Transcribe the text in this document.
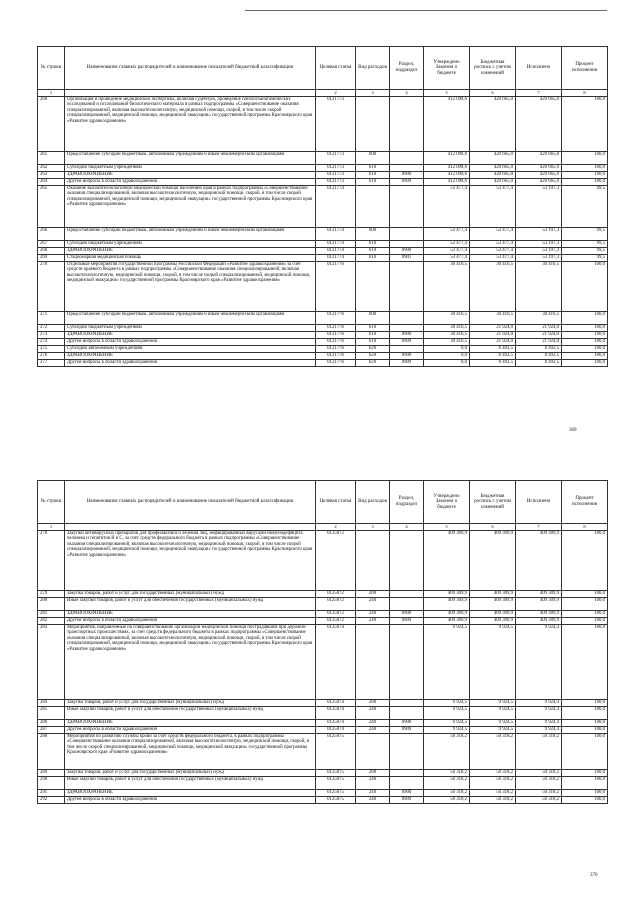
№ строки	Наименование главных распорядителей и наименование показателей бюджетной классификации	Целевая статья	Вид расходов	Раздел, подраздел	Утверждено Законом о бюджете	Бюджетная роспись с учетом изменений	Исполнено	Процент исполнения
1		2	3	4	5	6	7	8
260	Организация и проведение медицинской экспертизы, включая судебную, проведение патологоанатомических исследований и исследований биологического материала в рамках подпрограммы «Совершенствование оказания специализированной, включая высокотехнологичную, медицинской помощи, скорой, в том числе скорой специализированной, медицинской помощи, медицинской эвакуации» государственной программы Красноярского края «Развитие здравоохранения»	0121773			412 098,6	420 665,0	420 665,0	100,0
261	Предоставление субсидий бюджетным, автономным учреждениям и иным некоммерческим организациям	0121773	600		412 098,6	420 665,0	420 665,0	100,0
262	Субсидии бюджетным учреждениям	0121773	610		412 098,6	420 665,0	420 665,0	100,0
263	ЗДРАВООХРАНЕНИЕ	0121773	610	0900	412 098,6	420 665,0	420 665,0	100,0
264	Другие вопросы в области здравоохранения	0121773	610	0909	412 098,6	420 665,0	420 665,0	100,0
265	Оказание высокотехнологичной медицинской помощи населению края в рамках подпрограммы «Совершенствование оказания специализированной, включая высокотехнологичную, медицинской помощи, скорой, в том числе скорой специализированной, медицинской помощи, медицинской эвакуации» государственной программы Красноярского края «Развитие здравоохранения»	0121774			53 477,4	53 477,4	53 197,3	99,5
266	Предоставление субсидий бюджетным, автономным учреждениям и иным некоммерческим организациям	0121774	600		53 477,4	53 477,4	53 197,3	99,5
267	Субсидии бюджетным учреждениям	0121774	610		53 477,4	53 477,4	53 197,3	99,5
268	ЗДРАВООХРАНЕНИЕ	0121774	610	0900	53 477,4	53 477,4	53 197,3	99,5
269	Стационарная медицинская помощь	0121774	610	0901	53 477,4	53 477,4	53 197,3	99,5
270	Отдельные мероприятия государственной программы Российской Федерации «Развитие здравоохранения» за счет средств краевого бюджета в рамках подпрограммы «Совершенствование оказания специализированной, включая высокотехнологичную, медицинской помощи, скорой, в том числе скорой специализированной, медицинской помощи, медицинской эвакуации» государственной программы Красноярского края «Развитие здравоохранения»	0121776			30 416,5	30 416,5	30 416,5	100,0
271	Предоставление субсидий бюджетным, автономным учреждениям и иным некоммерческим организациям	0121776	600		30 416,5	30 416,5	30 416,5	100,0
272	Субсидии бюджетным учреждениям	0121776	610		30 416,5	21 924,0	21 924,0	100,0
273	ЗДРАВООХРАНЕНИЕ	0121776	610	0900	30 416,5	21 924,0	21 924,0	100,0
274	Другие вопросы в области здравоохранения	0121776	610	0909	30 416,5	21 924,0	21 924,0	100,0
275	Субсидии автономным учреждениям	0121776	620		0,0	8 492,5	8 492,5	100,0
276	ЗДРАВООХРАНЕНИЕ	0121776	620	0900	0,0	8 492,5	8 492,5	100,0
277	Другие вопросы в области здравоохранения	0121776	620	0909	0,0	8 492,5	8 492,5	100,0
369
№ строки	Наименование главных распорядителей и наименование показателей бюджетной классификации	Целевая статья	Вид расходов	Раздел, подраздел	Утверждено Законом о бюджете	Бюджетная роспись с учетом изменений	Исполнено	Процент исполнения
1		2	3	4	5	6	7	8
278	Закупки антивирусных препаратов для профилактики и лечения лиц, инфицированных вирусами иммунодефицита человека и гепатитов В и С, за счет средств федерального бюджета в рамках подпрограммы «Совершенствование оказания специализированной, включая высокотехнологичную, медицинской помощи, скорой, в том числе скорой специализированной, медицинской помощи, медицинской эвакуации» государственной программы Красноярского края «Развитие здравоохранения»	0125072			409 309,9	409 309,9	409 309,9	100,0
279	Закупка товаров, работ и услуг для государственных (муниципальных) нужд	0125072	200		409 309,9	409 309,9	409 309,9	100,0
280	Иные закупки товаров, работ и услуг для обеспечения государственных (муниципальных) нужд	0125072	240		409 309,9	409 309,9	409 309,9	100,0
281	ЗДРАВООХРАНЕНИЕ	0125072	240	0900	409 309,9	409 309,9	409 309,9	100,0
282	Другие вопросы в области здравоохранения	0125072	240	0909	409 309,9	409 309,9	409 309,9	100,0
283	Мероприятия, направленные на совершенствование организации медицинской помощи пострадавшим при дорожно-транспортных происшествиях, за счет средств федерального бюджета в рамках подпрограммы «Совершенствование оказания специализированной, включая высокотехнологичную, медицинской помощи, скорой, в том числе скорой специализированной, медицинской помощи, медицинской эвакуации» государственной программы Красноярского края «Развитие здравоохранения»	0125074			9 924,5	9 924,5	9 924,4	100,0
284	Закупка товаров, работ и услуг для государственных (муниципальных) нужд	0125074	200		9 924,5	9 924,5	9 924,4	100,0
285	Иные закупки товаров, работ и услуг для обеспечения государственных (муниципальных) нужд	0125074	240		9 924,5	9 924,5	9 924,4	100,0
286	ЗДРАВООХРАНЕНИЕ	0125074	240	0900	9 924,5	9 924,5	9 924,4	100,0
287	Другие вопросы в области здравоохранения	0125074	240	0909	9 924,5	9 924,5	9 924,4	100,0
288	Мероприятия по развитию службы крови за счет средств федерального бюджета, в рамках подпрограммы «Совершенствование оказания специализированной, включая высокотехнологичную, медицинской помощи, скорой, в том числе скорой специализированной, медицинской помощи, медицинской эвакуации» государственной программы Красноярского края «Развитие здравоохранения»	0125075			50 318,2	50 318,2	50 318,2	100,0
289	Закупка товаров, работ и услуг для государственных (муниципальных) нужд	0125075	200		50 318,2	50 318,2	50 318,2	100,0
290	Иные закупки товаров, работ и услуг для обеспечения государственных (муниципальных) нужд	0125075	240		50 318,2	50 318,2	50 318,2	100,0
291	ЗДРАВООХРАНЕНИЕ	0125075	240	0900	50 318,2	50 318,2	50 318,2	100,0
292	Другие вопросы в области здравоохранения	0125075	240	0909	50 318,2	50 318,2	50 318,2	100,0
370
